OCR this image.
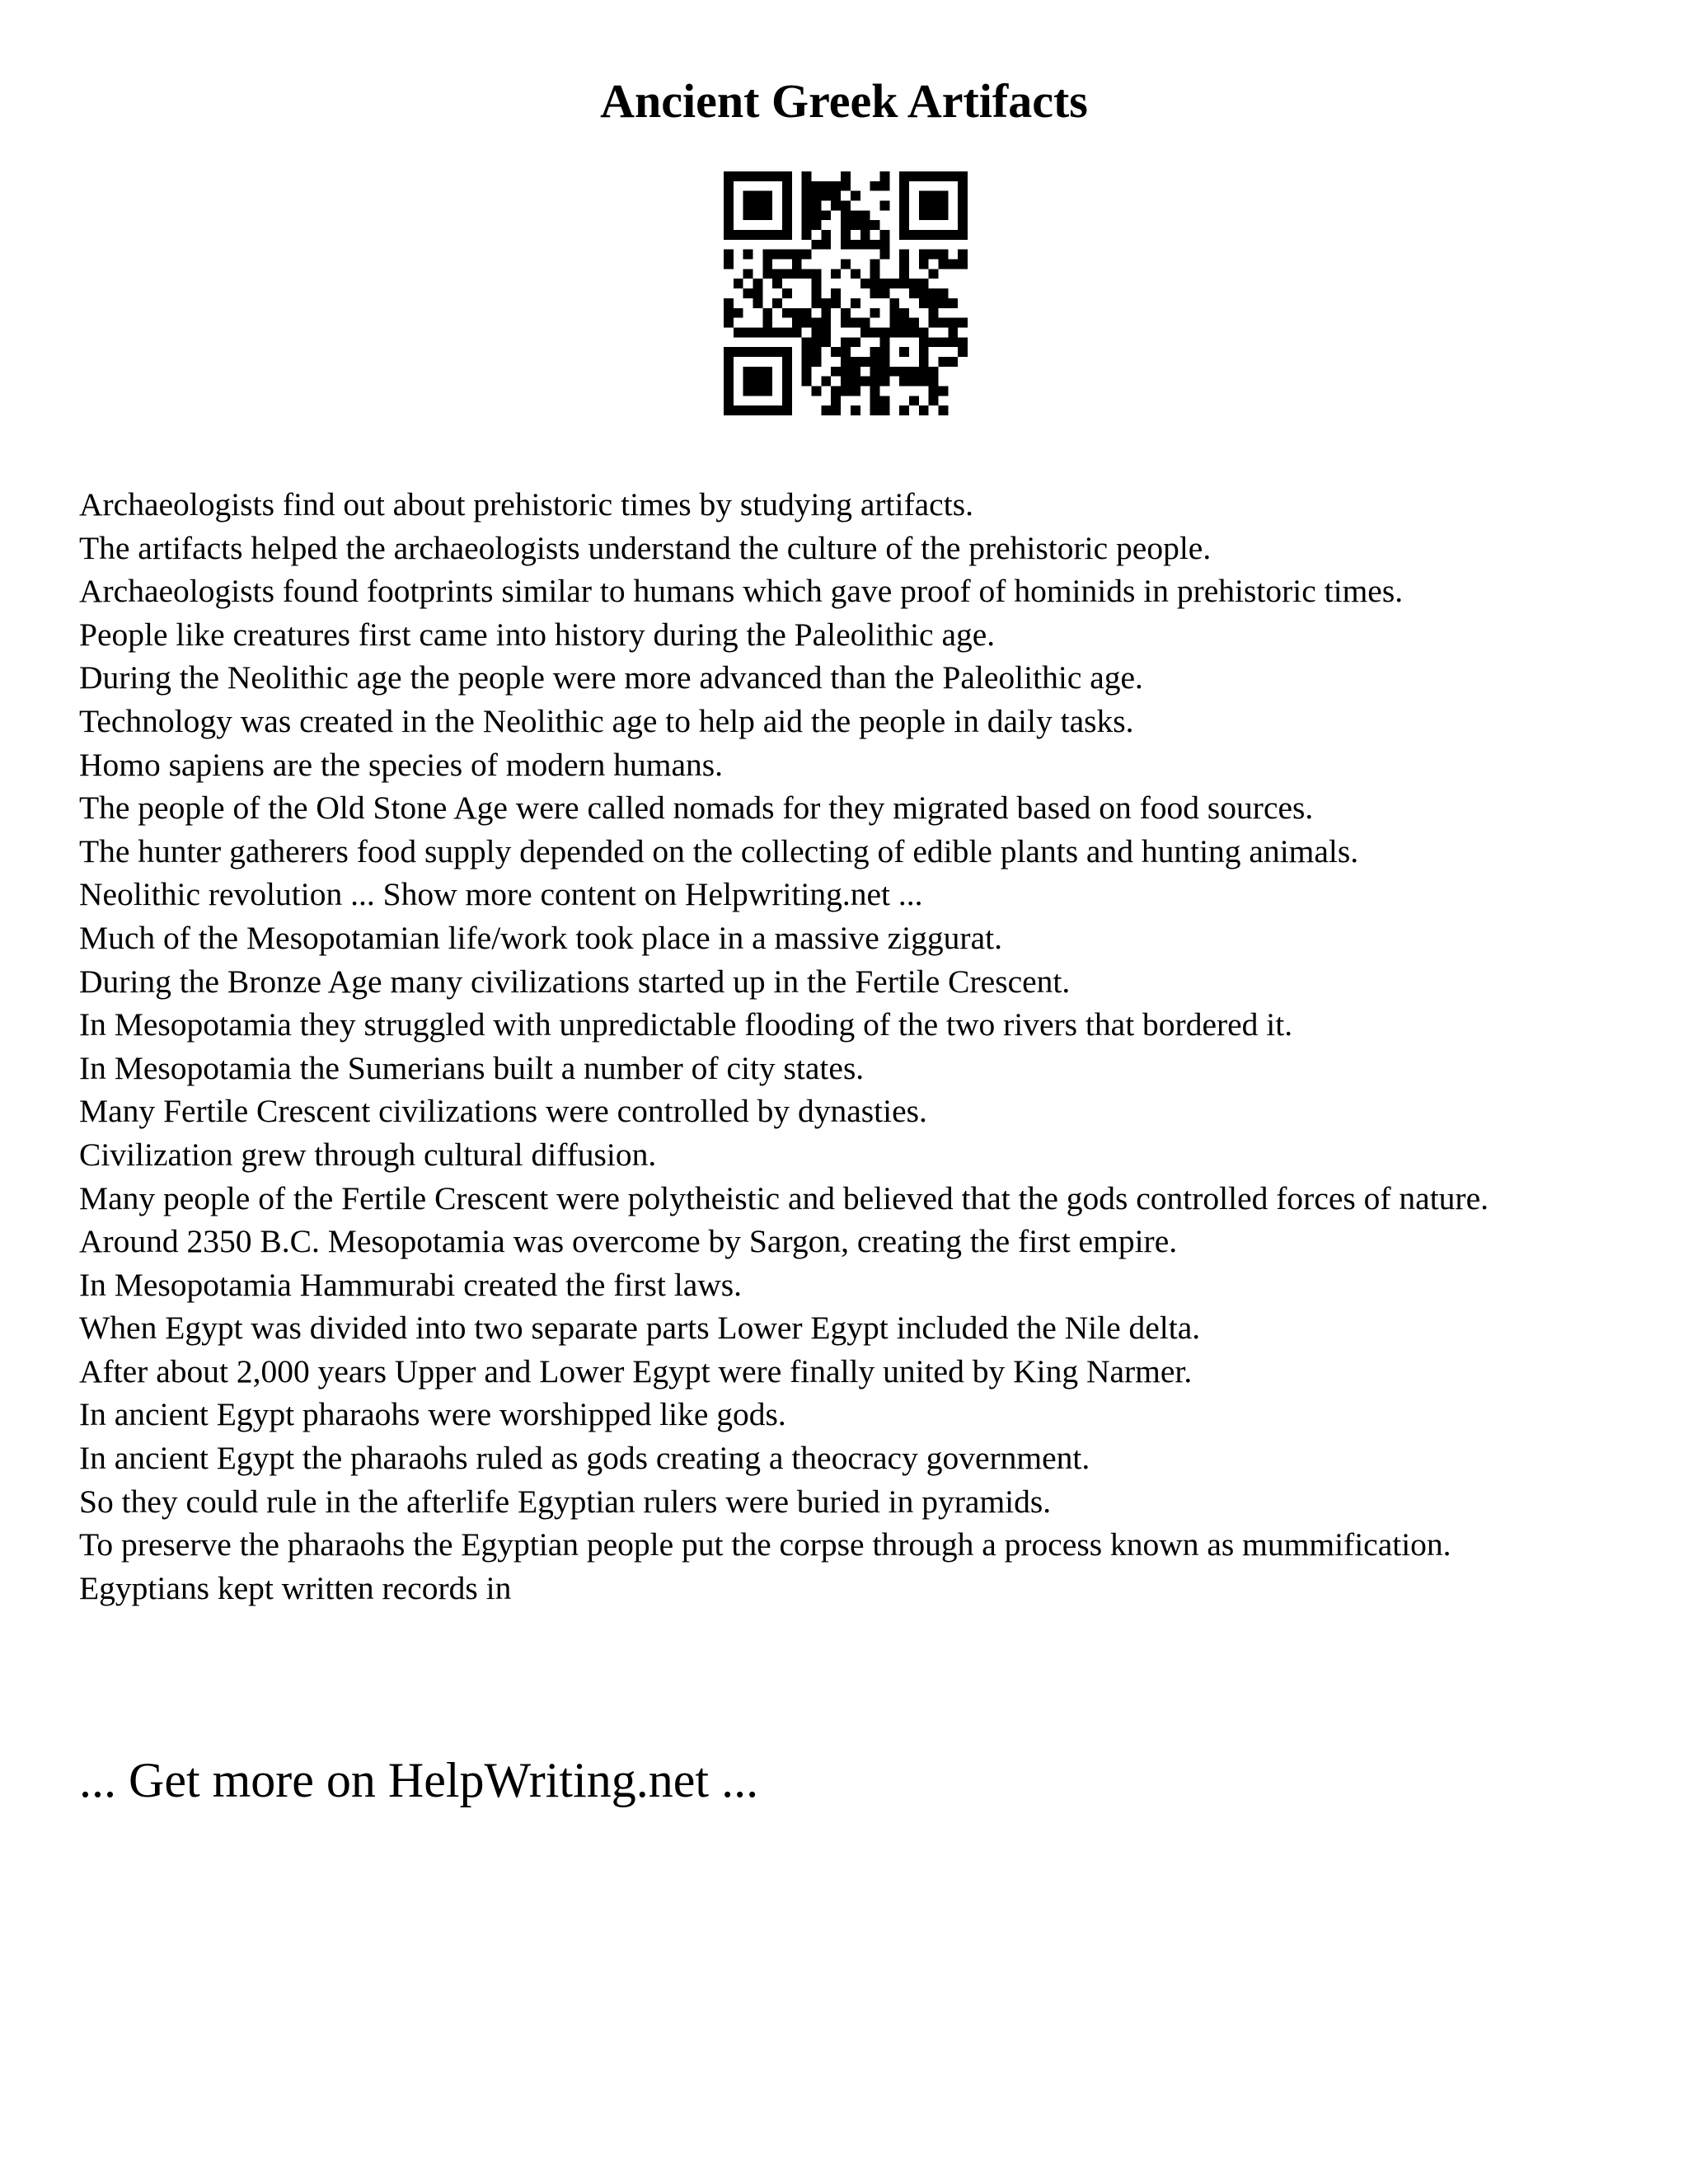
Ancient Greek Artifacts
Archaeologists find out about prehistoric times by studying artifacts.
The artifacts helped the archaeologists understand the culture of the prehistoric people.
Archaeologists found footprints similar to humans which gave proof of hominids in prehistoric times.
People like creatures first came into history during the Paleolithic age.
During the Neolithic age the people were more advanced than the Paleolithic age.
Technology was created in the Neolithic age to help aid the people in daily tasks.
Homo sapiens are the species of modern humans.
The people of the Old Stone Age were called nomads for they migrated based on food sources.
The hunter gatherers food supply depended on the collecting of edible plants and hunting animals.
Neolithic revolution ... Show more content on Helpwriting.net ...
Much of the Mesopotamian life/work took place in a massive ziggurat.
During the Bronze Age many civilizations started up in the Fertile Crescent.
In Mesopotamia they struggled with unpredictable flooding of the two rivers that bordered it.
In Mesopotamia the Sumerians built a number of city states.
Many Fertile Crescent civilizations were controlled by dynasties.
Civilization grew through cultural diffusion.
Many people of the Fertile Crescent were polytheistic and believed that the gods controlled forces of nature.
Around 2350 B.C. Mesopotamia was overcome by Sargon, creating the first empire.
In Mesopotamia Hammurabi created the first laws.
When Egypt was divided into two separate parts Lower Egypt included the Nile delta.
After about 2,000 years Upper and Lower Egypt were finally united by King Narmer.
In ancient Egypt pharaohs were worshipped like gods.
In ancient Egypt the pharaohs ruled as gods creating a theocracy government.
So they could rule in the afterlife Egyptian rulers were buried in pyramids.
To preserve the pharaohs the Egyptian people put the corpse through a process known as mummification.
Egyptians kept written records in
... Get more on HelpWriting.net ...
